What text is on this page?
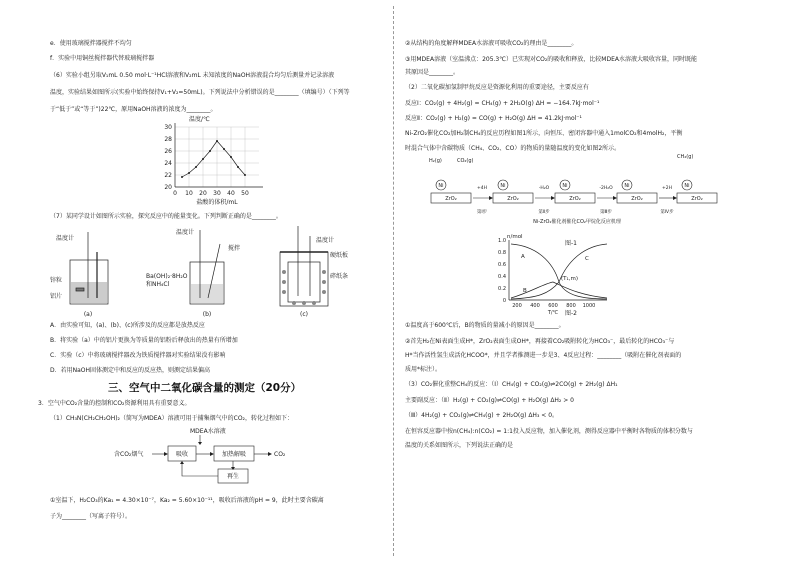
e．使用玻璃搅拌器搅拌不均匀
f．实验中用铜丝搅拌器代替玻璃搅拌器
（6）实验小组另取V₁mL 0.50 mol·L⁻¹HCl溶液和V₂mL 未知浓度的NaOH溶液混合均匀后测量并记录溶液
温度，实验结果如图所示(实验中始终保持V₁+V₂=50mL)。下列说法中分析错误的是________（填编号）（下列等
于“低于”或“等于”)22℃，原用NaOH溶液的浓度为________。
温度/℃
20
22
24
26
28
30
0 10 20 30 40 50
盐酸的体积/mL
（7）某同学设计如图所示实验，探究反应中的能量变化。下列判断正确的是________。
温度计
锌粒
铝片
(a)
温度计
搅拌
Ba(OH)₂·8H₂O
和NH₄Cl
(b)
温度计
硬纸板
碎纸条
(c)
A．由实验可知，(a)、(b)、(c)所涉及的反应都是放热反应
B．将实验（a）中的铝片更换为等质量的铝粉后释放出的热量有所增加
C．实验（c）中将玻璃搅拌器改为铁质搅拌器对实验结果没有影响
D．若用NaOH固体测定中和反应的反应热，则测定结果偏高
三、空气中二氧化碳含量的测定（20分）
3．空气中CO₂含量的控制和CO₂资源利用具有重要意义。
（1）CH₃N(CH₂CH₂OH)₂（简写为MDEA）溶液可用于捕集烟气中的CO₂，转化过程如下：
MDEA水溶液
含CO₂烟气	吸收	加热解吸	CO₂
再生
①室温下，H₂CO₃的Ka₁ = 4.30×10⁻⁷，Ka₂ = 5.60×10⁻¹¹，吸收后溶液的pH = 9，此时主要含碳离
子为________（写离子符号）。
②从结构的角度解释MDEA水溶液可吸收CO₂的理由是________。
③用MDEA溶液（室温沸点：205.3℃）已实现对CO₂的吸收和释放，比较MDEA水溶液大吸收容量，同时既能
其原因是________。
（2）二氧化碳加氢制甲烷反应是资源化利用的重要途径，主要反应有
反应Ⅰ：CO₂(g) + 4H₂(g) = CH₄(g) + 2H₂O(g) ΔH = −164.7kJ·mol⁻¹
反应Ⅱ：CO₂(g) + H₂(g) = CO(g) + H₂O(g) ΔH = 41.2kJ·mol⁻¹
Ni-ZrO₂催化CO₂加H₂制CH₄的反应历程如图1所示，向恒压、密闭容器中通入1molCO₂和4molH₂，平衡
时混合气体中含碳物质（CH₄、CO₂、CO）的物质的量随温度的变化如图2所示。
H₂(g)	CO₂(g)
CH₄(g)
ZrO₂	ZrO₂	ZrO₂	ZrO₂	ZrO₂
Ni	Ni	Ni	Ni	Ni
第Ⅰ步	第Ⅱ步	第Ⅲ步	第Ⅳ步
+4H	-H₂O	-2H₂O	+2H
Ni-ZrO₂催化剂催化CO₂甲烷化反应机理
图-1
n/mol
0
0.2
0.4
0.6
0.8
1.0
200 400 600 800 1000
T/℃
A
B
C
(T₁,m)
图-2
①温度高于600℃后，B的物质的量减小的原因是________。
②首先H₂在Ni表面生成H*，ZrO₂表面生成OH*，再接着CO₂吸附转化为HCO₃⁻，最后转化的HCO₃⁻与
H*当作活性氢生成活化HCOO*，并且学者推测进一步是3、4反应过程：________（吸附在催化剂表面的
质用*标注）。
（3）CO₂催化重整CH₄的反应：（Ⅰ）CH₄(g) + CO₂(g)⇌2CO(g) + 2H₂(g) ΔH₁
主要副反应：（Ⅱ）H₂(g) + CO₂(g)⇌CO(g) + H₂O(g) ΔH₂ > 0
（Ⅲ）4H₂(g) + CO₂(g)⇌CH₄(g) + 2H₂O(g) ΔH₃ < 0。
在恒容反应器中按n(CH₄):n(CO₂) = 1:1投入反应物，加入催化剂，测得反应器中平衡时各物质的体积分数与
温度的关系如图所示，下列说法正确的是
